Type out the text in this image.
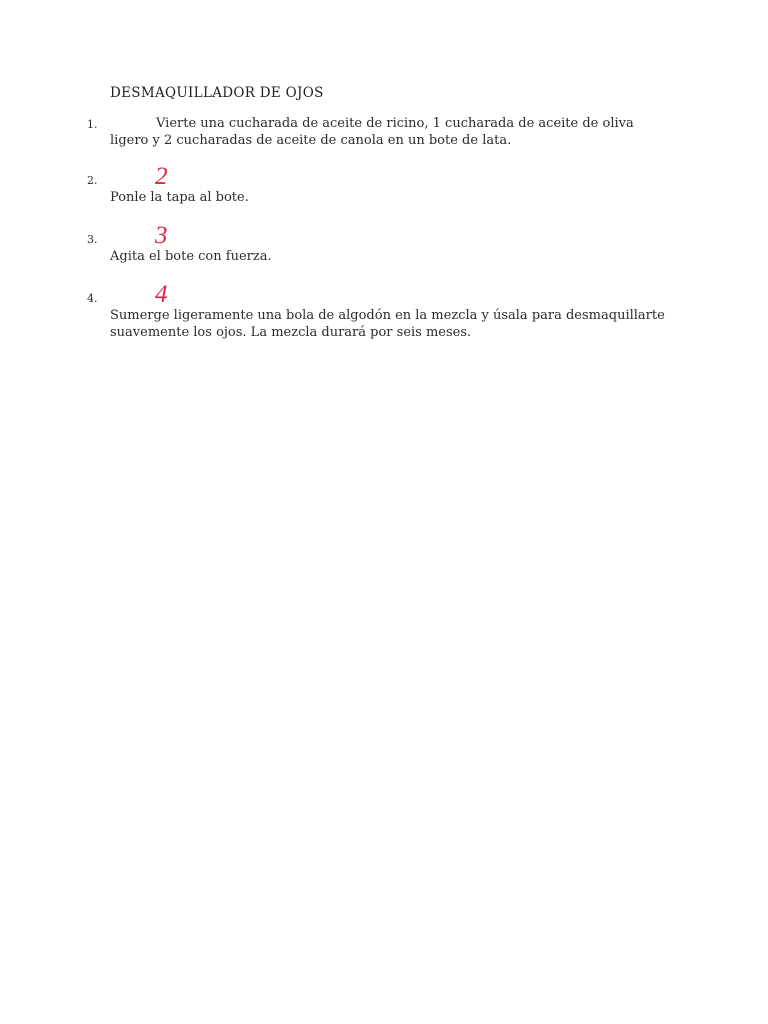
DESMAQUILLADOR DE OJOS
1.	Vierte una cucharada de aceite de ricino, 1 cucharada de aceite de oliva ligero y 2 cucharadas de aceite de canola en un bote de lata.
2. 2
Ponle la tapa al bote.
3. 3
Agita el bote con fuerza.
4. 4
Sumerge ligeramente una bola de algodón en la mezcla y úsala para desmaquillarte suavemente los ojos. La mezcla durará por seis meses.
